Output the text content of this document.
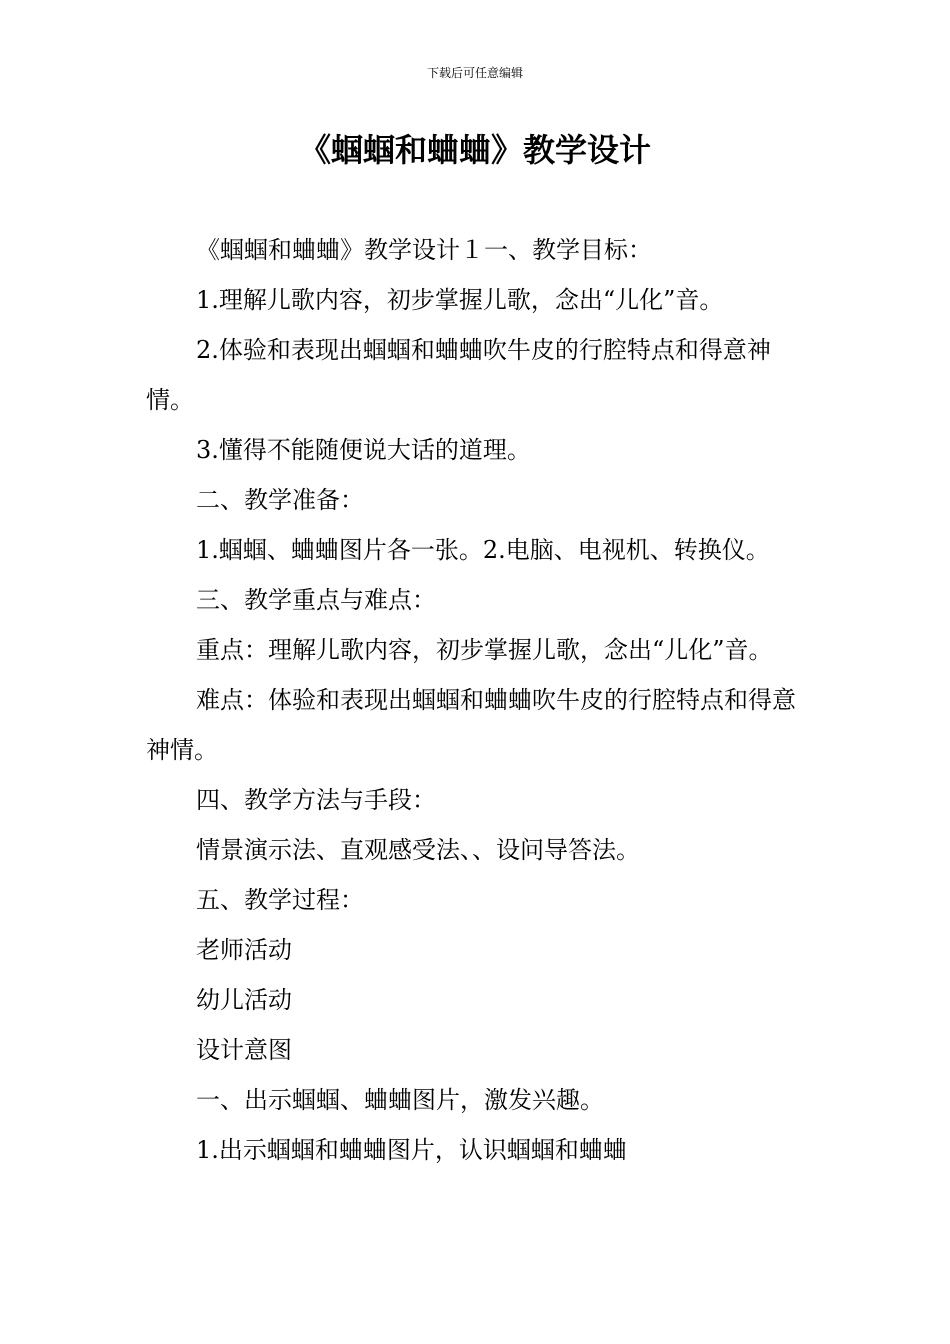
下载后可任意编辑
《蝈蝈和蛐蛐》教学设计

《蝈蝈和蛐蛐》教学设计１一、教学目标：

1.理解儿歌内容，初步掌握儿歌，念出“儿化”音。

2.体验和表现出蝈蝈和蛐蛐吹牛皮的行腔特点和得意神情。

3.懂得不能随便说大话的道理。

二、教学准备：

1.蝈蝈、蛐蛐图片各一张。2.电脑、电视机、转换仪。

三、教学重点与难点：

重点：理解儿歌内容，初步掌握儿歌，念出“儿化”音。

难点：体验和表现出蝈蝈和蛐蛐吹牛皮的行腔特点和得意神情。

四、教学方法与手段：

情景演示法、直观感受法、、设问导答法。

五、教学过程：

老师活动

幼儿活动

设计意图

一、出示蝈蝈、蛐蛐图片，激发兴趣。

1.出示蝈蝈和蛐蛐图片，认识蝈蝈和蛐蛐
